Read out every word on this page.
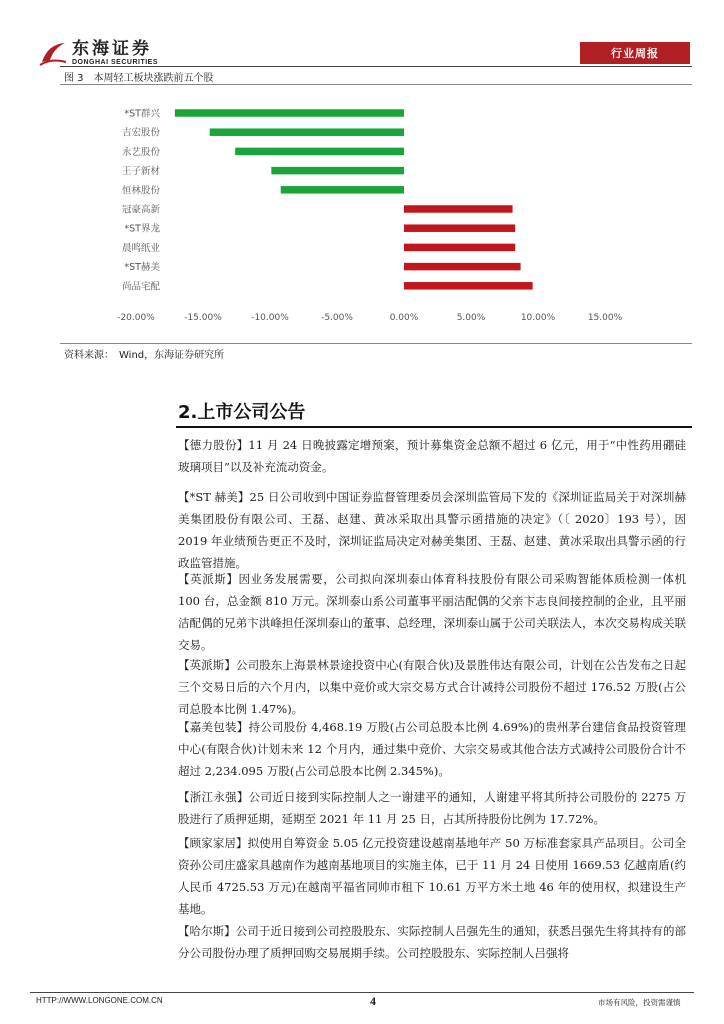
东海证券
DONGHAI SECURITIES
行业周报
图 3　本周轻工板块涨跌前五个股
*ST群兴
吉宏股份
永艺股份
王子新材
恒林股份
冠豪高新
*ST界龙
晨鸣纸业
*ST赫美
尚品宅配
-20.00%	-15.00%	-10.00%	-5.00%	0.00%	5.00%	10.00%	15.00%
资料来源：　Wind，东海证券研究所
2.上市公司公告
【德力股份】11 月 24 日晚披露定增预案，预计募集资金总额不超过 6 亿元，用于“中性药用硼硅玻璃项目”以及补充流动资金。
【*ST 赫美】25 日公司收到中国证券监督管理委员会深圳监管局下发的《深圳证监局关于对深圳赫美集团股份有限公司、王磊、赵建、黄冰采取出具警示函措施的决定》（〔 2020〕193 号），因 2019 年业绩预告更正不及时，深圳证监局决定对赫美集团、王磊、赵建、黄冰采取出具警示函的行政监管措施。
【英派斯】因业务发展需要，公司拟向深圳泰山体育科技股份有限公司采购智能体质检测一体机 100 台，总金额 810 万元。深圳泰山系公司董事平丽洁配偶的父亲卞志良间接控制的企业，且平丽洁配偶的兄弟卞洪峰担任深圳泰山的董事、总经理，深圳泰山属于公司关联法人，本次交易构成关联交易。
【英派斯】公司股东上海景林景途投资中心(有限合伙)及景胜伟达有限公司，计划在公告发布之日起三个交易日后的六个月内，以集中竞价或大宗交易方式合计减持公司股份不超过 176.52 万股(占公司总股本比例 1.47%)。
【嘉美包装】持公司股份 4,468.19 万股(占公司总股本比例 4.69%)的贵州茅台建信食品投资管理中心(有限合伙)计划未来 12 个月内，通过集中竞价、大宗交易或其他合法方式减持公司股份合计不超过 2,234.095 万股(占公司总股本比例 2.345%)。
【浙江永强】公司近日接到实际控制人之一谢建平的通知，人谢建平将其所持公司股份的 2275 万股进行了质押延期，延期至 2021 年 11 月 25 日，占其所持股份比例为 17.72%。
【顾家家居】拟使用自筹资金 5.05 亿元投资建设越南基地年产 50 万标准套家具产品项目。公司全资孙公司庄盛家具越南作为越南基地项目的实施主体，已于 11 月 24 日使用 1669.53 亿越南盾(约人民币 4725.53 万元)在越南平福省同帅市租下 10.61 万平方米土地 46 年的使用权，拟建设生产基地。
【哈尔斯】公司于近日接到公司控股股东、实际控制人吕强先生的通知，获悉吕强先生将其持有的部分公司股份办理了质押回购交易展期手续。公司控股股东、实际控制人吕强将
HTTP://WWW.LONGONE.COM.CN	4	市场有风险，投资需谨慎
